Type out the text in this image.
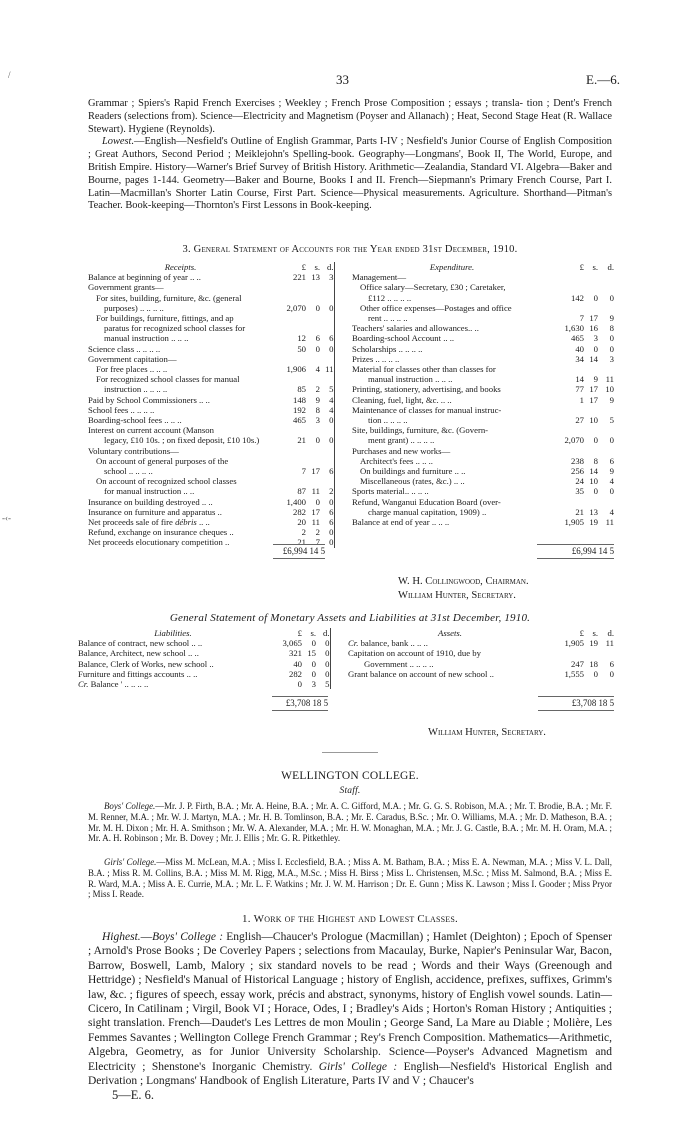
/
-‹-
33	E.—6.

Grammar ; Spiers's Rapid French Exercises ; Weekley ; French Prose Composition ; essays ; transla- tion ; Dent's French Readers (selections from). Science—Electricity and Magnetism (Poyser and Allanach) ; Heat, Second Stage Heat (R. Wallace Stewart). Hygiene (Reynolds).
Lowest.—English—Nesfield's Outline of English Grammar, Parts I-IV ; Nesfield's Junior Course of English Composition ; Great Authors, Second Period ; Meiklejohn's Spelling-book. Geography—Longmans', Book II, The World, Europe, and British Empire. History—Warner's Brief Survey of British History. Arithmetic—Zealandia, Standard VI. Algebra—Baker and Bourne, pages 1-144. Geometry—Baker and Bourne, Books I and II. French—Siepmann's Primary French Course, Part I. Latin—Macmillan's Shorter Latin Course, First Part. Science—Physical measurements. Agriculture. Shorthand—Pitman's Teacher. Book-keeping—Thornton's First Lessons in Book-keeping.

3. General Statement of Accounts for the Year ended 31st December, 1910.

Receipts.	£	s.	d.	
Balance at beginning of year .. ..	221	13	3	
Government grants—				
For sites, building, furniture, &c. (general				
purposes) .. .. .. ..	2,070	0	0	
For buildings, furniture, fittings, and ap				
paratus for recognized school classes for				
manual instruction .. .. ..	12	6	6	
Science class .. .. .. ..	50	0	0	
Government capitation—				
For free places .. .. ..	1,906	4	11	
For recognized school classes for manual				
instruction .. .. .. ..	85	2	5	
Paid by School Commissioners .. ..	148	9	4	
School fees .. .. .. ..	192	8	4	
Boarding-school fees .. .. ..	465	3	0	
Interest on current account (Manson				
legacy, £10 10s. ; on fixed deposit, £10 10s.)	21	0	0	
Voluntary contributions—				
On account of general purposes of the				
school .. .. .. ..	7	17	6	
On account of recognized school classes				
for manual instruction .. ..	87	11	2	
Insurance on building destroyed .. ..	1,400	0	0	
Insurance on furniture and apparatus ..	282	17	6	
Net proceeds sale of fire débris .. ..	20	11	6	
Refund, exchange on insurance cheques ..	2	2	0	
Net proceeds elocutionary competition ..	21	7	0	
Expenditure.	£	s.	d.
Management—			
Office salary—Secretary, £30 ; Caretaker,			
£112 .. .. .. ..	142	0	0
Other office expenses—Postages and office			
rent .. .. .. ..	7	17	9
Teachers' salaries and allowances.. ..	1,630	16	8
Boarding-school Account .. ..	465	3	0
Scholarships .. .. .. ..	40	0	0
Prizes .. .. .. ..	34	14	3
Material for classes other than classes for			
manual instruction .. .. ..	14	9	11
Printing, stationery, advertising, and books	77	17	10
Cleaning, fuel, light, &c. .. ..	1	17	9
Maintenance of classes for manual instruc-			
tion .. .. .. ..	27	10	5
Site, buildings, furniture, &c. (Govern-			
ment grant) .. .. .. ..	2,070	0	0
Purchases and new works—			
Architect's fees .. .. ..	238	8	6
On buildings and furniture .. ..	256	14	9
Miscellaneous (rates, &c.) .. ..	24	10	4
Sports material.. .. .. ..	35	0	0
Refund, Wanganui Education Board (over-			
charge manual capitation, 1909) ..	21	13	4
Balance at end of year .. .. ..	1,905	19	11
£6,994 14 5	£6,994 14 5
W. H. Collingwood, Chairman.
William Hunter, Secretary.

General Statement of Monetary Assets and Liabilities at 31st December, 1910.

Liabilities.	£	s.	d.	
Balance of contract, new school .. ..	3,065	0	0	
Balance, Architect, new school .. ..	321	15	0	
Balance, Clerk of Works, new school ..	40	0	0	
Furniture and fittings accounts .. ..	282	0	0	
Cr. Balance ' .. .. .. ..	0	3	5	
Assets.	£	s.	d.
Cr. balance, bank .. .. ..	1,905	19	11
Capitation on account of 1910, due by			
Government .. .. .. ..	247	18	6
Grant balance on account of new school ..	1,555	0	0
£3,708 18 5	£3,708 18 5
William Hunter, Secretary.

WELLINGTON COLLEGE.

Staff.

Boys' College.—Mr. J. P. Firth, B.A. ; Mr. A. Heine, B.A. ; Mr. A. C. Gifford, M.A. ; Mr. G. G. S. Robison, M.A. ; Mr. T. Brodie, B.A. ; Mr. F. M. Renner, M.A. ; Mr. W. J. Martyn, M.A. ; Mr. H. B. Tomlinson, B.A. ; Mr. E. Caradus, B.Sc. ; Mr. O. Williams, M.A. ; Mr. D. Matheson, B.A. ; Mr. M. H. Dixon ; Mr. H. A. Smithson ; Mr. W. A. Alexander, M.A. ; Mr. H. W. Monaghan, M.A. ; Mr. J. G. Castle, B.A. ; Mr. M. H. Oram, M.A. ; Mr. A. H. Robinson ; Mr. B. Dovey ; Mr. J. Ellis ; Mr. G. R. Pitkethley.

Girls' College.—Miss M. McLean, M.A. ; Miss I. Ecclesfield, B.A. ; Miss A. M. Batham, B.A. ; Miss E. A. Newman, M.A. ; Miss V. L. Dall, B.A. ; Miss R. M. Collins, B.A. ; Miss M. M. Rigg, M.A., M.Sc. ; Miss H. Birss ; Miss L. Christensen, M.Sc. ; Miss M. Salmond, B.A. ; Miss E. R. Ward, M.A. ; Miss A. E. Currie, M.A. ; Mr. L. F. Watkins ; Mr. J. W. M. Harrison ; Dr. E. Gunn ; Miss K. Lawson ; Miss I. Gooder ; Miss Pryor ; Miss I. Reade.

1. Work of the Highest and Lowest Classes.

Highest.—Boys' College : English—Chaucer's Prologue (Macmillan) ; Hamlet (Deighton) ; Epoch of Spenser ; Arnold's Prose Books ; De Coverley Papers ; selections from Macaulay, Burke, Napier's Peninsular War, Bacon, Barrow, Boswell, Lamb, Malory ; six standard novels to be read ; Words and their Ways (Greenough and Hettridge) ; Nesfield's Manual of Historical Language ; history of English, accidence, prefixes, suffixes, Grimm's law, &c. ; figures of speech, essay work, précis and abstract, synonyms, history of English vowel sounds. Latin—Cicero, In Catilinam ; Virgil, Book VI ; Horace, Odes, I ; Bradley's Aids ; Horton's Roman History ; Antiquities ; sight translation. French—Daudet's Les Lettres de mon Moulin ; George Sand, La Mare au Diable ; Molière, Les Femmes Savantes ; Wellington College French Grammar ; Rey's French Composition. Mathematics—Arithmetic, Algebra, Geometry, as for Junior University Scholarship. Science—Poyser's Advanced Magnetism and Electricity ; Shenstone's Inorganic Chemistry. Girls' College : English—Nesfield's Historical English and Derivation ; Longmans' Handbook of English Literature, Parts IV and V ; Chaucer's

5—E. 6.
